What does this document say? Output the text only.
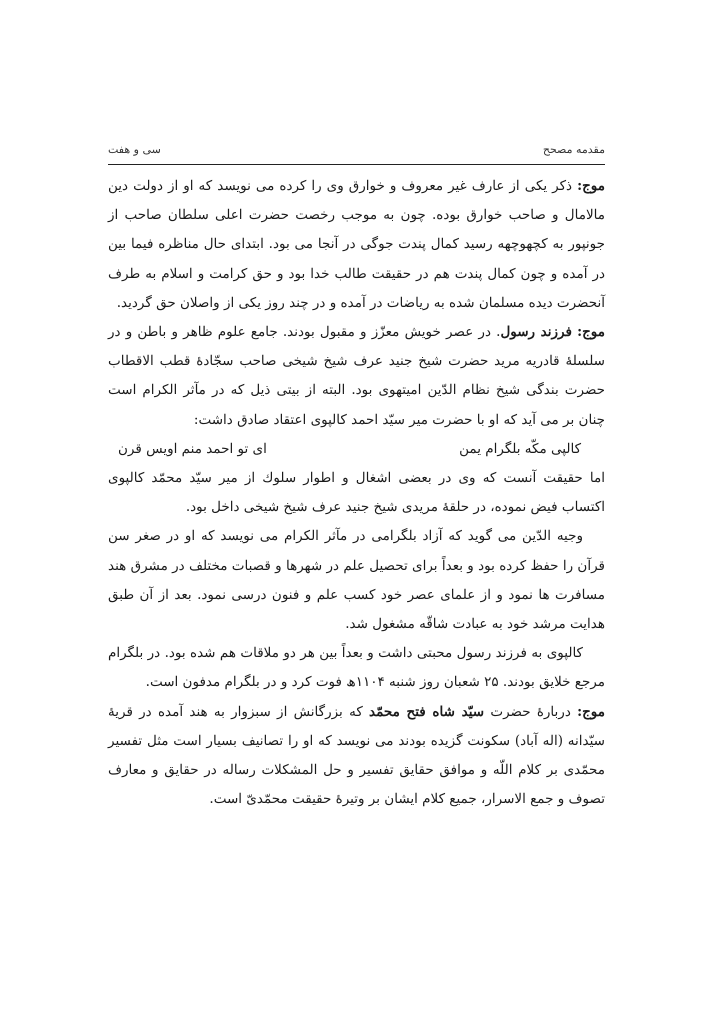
مقدمه مصحح
سی و هفت

موج: ذکر یکی از عارف غیر معروف و خوارق وی را کرده می نویسد که او از دولت دین مالامال و صاحب خوارق بوده. چون به موجب رخصت حضرت اعلی سلطان صاحب از جونپور به کچھوچھه رسید کمال پندت جوگی در آنجا می بود. ابتدای حال مناظره فیما بین در آمده و چون کمال پندت هم در حقیقت طالب خدا بود و حق کرامت و اسلام به طرف آنحضرت دیده مسلمان شده به ریاضات در آمده و در چند روز یکی از واصلان حق گردید.

موج: فرزند رسول. در عصر خویش معزّز و مقبول بودند. جامع علوم ظاهر و باطن و در سلسلهٔ قادریه مرید حضرت شیخ جنید عرف شیخ شیخی صاحب سجّادهٔ قطب الاقطاب حضرت بندگی شیخ نظام الدّین امیتهوی بود. البته از بیتی ذیل که در مآثر الکرام است چنان بر می آید که او با حضرت میر سیّد احمد کالپوی اعتقاد صادق داشت:

کالپی مکّه بلگرام یمن
ای تو احمد منم اویس قرن

اما حقیقت آنست که وی در بعضی اشغال و اطوار سلوك از میر سیّد محمّد کالپوی اکتساب فیض نموده، در حلقهٔ مریدی شیخ جنید عرف شیخ شیخی داخل بود.

وجیه الدّین می گوید که آزاد بلگرامی در مآثر الکرام می نویسد که او در صغر سن قرآن را حفظ کرده بود و بعداً برای تحصیل علم در شهرها و قصبات مختلف در مشرق هند مسافرت ها نمود و از علمای عصر خود کسب علم و فنون درسی نمود. بعد از آن طبق هدایت مرشد خود به عبادت شاقّه مشغول شد.

کالپوی به فرزند رسول محبتی داشت و بعداً بین هر دو ملاقات هم شده بود. در بلگرام مرجع خلایق بودند. ۲۵ شعبان روز شنبه ۱۱۰۴ھ فوت کرد و در بلگرام مدفون است.

موج: دربارهٔ حضرت سیّد شاه فتح محمّد که بزرگانش از سبزوار به هند آمده در قریهٔ سیّدانه (اله آباد) سکونت گزیده بودند می نویسد که او را تصانیف بسیار است مثل تفسیر محمّدی بر کلام اللّه و موافق حقایق تفسیر و حل المشکلات رساله در حقایق و معارف تصوف و جمع الاسرار، جمیع کلام ایشان بر وتیرهٔ حقیقت محمّدیّ است.
